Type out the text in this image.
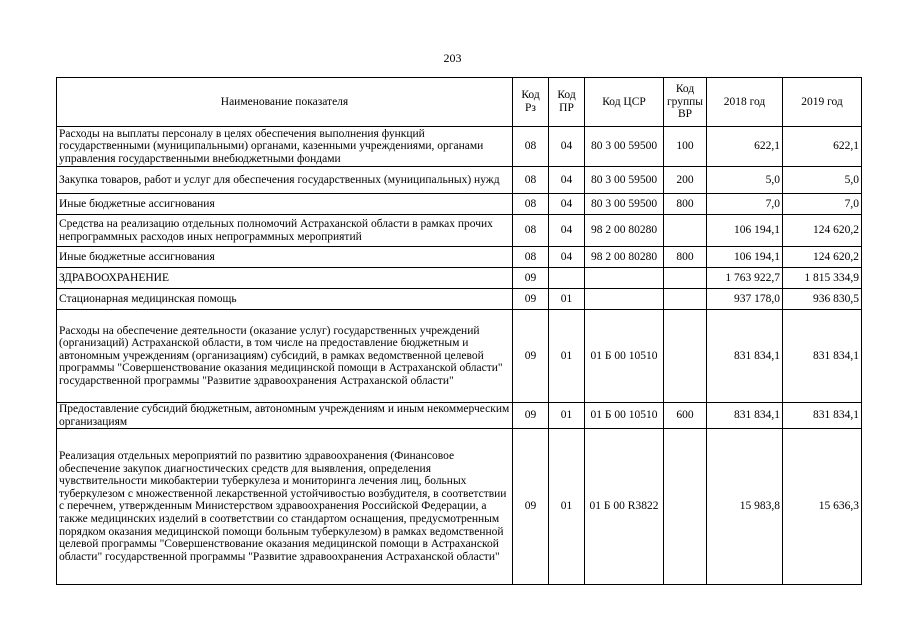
203
Наименование показателя	Код Рз	Код ПР	Код ЦСР	Код группы ВР	2018 год	2019 год
Расходы на выплаты персоналу в целях обеспечения выполнения функций государственными (муниципальными) органами, казенными учреждениями, органами управления государственными внебюджетными фондами	08	04	80 3 00 59500	100	622,1	622,1
Закупка товаров, работ и услуг для обеспечения государственных (муниципальных) нужд	08	04	80 3 00 59500	200	5,0	5,0
Иные бюджетные ассигнования	08	04	80 3 00 59500	800	7,0	7,0
Средства на реализацию отдельных полномочий Астраханской области в рамках прочих непрограммных расходов иных непрограммных мероприятий	08	04	98 2 00 80280		106 194,1	124 620,2
Иные бюджетные ассигнования	08	04	98 2 00 80280	800	106 194,1	124 620,2
ЗДРАВООХРАНЕНИЕ	09				1 763 922,7	1 815 334,9
Стационарная медицинская помощь	09	01			937 178,0	936 830,5
Расходы на обеспечение деятельности (оказание услуг) государственных учреждений (организаций) Астраханской области, в том числе на предоставление бюджетным и автономным учреждениям (организациям) субсидий, в рамках ведомственной целевой программы "Совершенствование оказания медицинской помощи в Астраханской области" государственной программы "Развитие здравоохранения Астраханской области"	09	01	01 Б 00 10510		831 834,1	831 834,1
Предоставление субсидий бюджетным, автономным учреждениям и иным некоммерческим организациям	09	01	01 Б 00 10510	600	831 834,1	831 834,1
Реализация отдельных мероприятий по развитию здравоохранения (Финансовое обеспечение закупок диагностических средств для выявления, определения чувствительности микобактерии туберкулеза и мониторинга лечения лиц, больных туберкулезом с множественной лекарственной устойчивостью возбудителя, в соответствии с перечнем, утвержденным Министерством здравоохранения Российской Федерации, а также медицинских изделий в соответствии со стандартом оснащения, предусмотренным порядком оказания медицинской помощи больным туберкулезом) в рамках ведомственной целевой программы "Совершенствование оказания медицинской помощи в Астраханской области" государственной программы "Развитие здравоохранения Астраханской области"	09	01	01 Б 00 R3822		15 983,8	15 636,3
